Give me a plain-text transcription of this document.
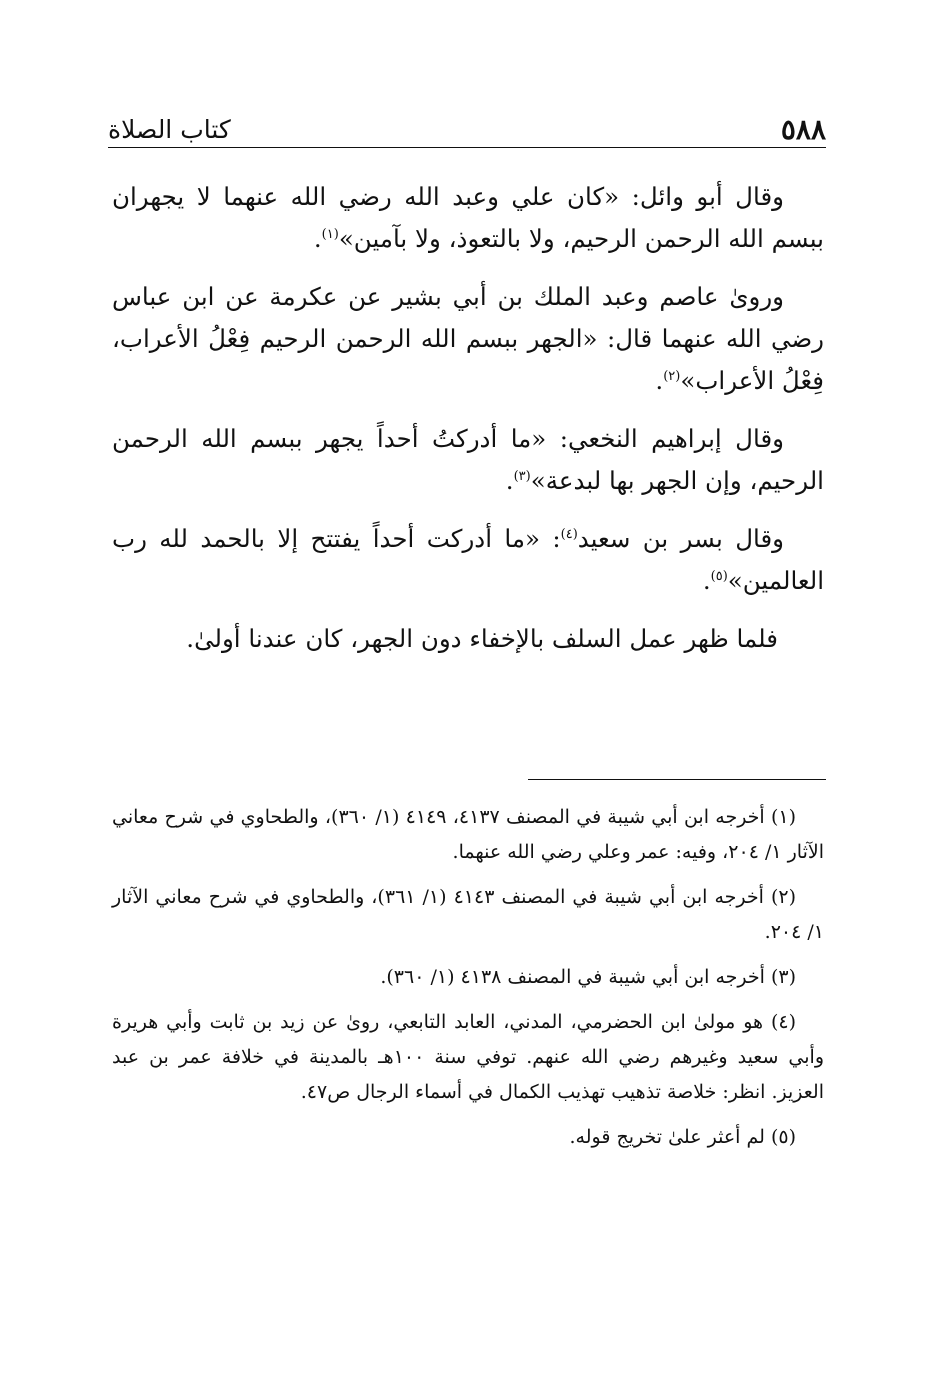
كتاب الصلاة	٥٨٨

وقال أبو وائل: «كان علي وعبد الله رضي الله عنهما لا يجهران ببسم الله الرحمن الرحيم، ولا بالتعوذ، ولا بآمين»$^{(١)}$.

ورویٰ عاصم وعبد الملك بن أبي بشير عن عكرمة عن ابن عباس رضي الله عنهما قال: «الجهر ببسم الله الرحمن الرحيم فِعْلُ الأعراب، فِعْلُ الأعراب»$^{(٢)}$.

وقال إبراهيم النخعي: «ما أدركتُ أحداً يجهر ببسم الله الرحمن الرحيم، وإن الجهر بها لبدعة»$^{(٣)}$.

وقال بسر بن سعيد$^{(٤)}$: «ما أدركت أحداً يفتتح إلا بالحمد لله رب العالمين»$^{(٥)}$.

فلما ظهر عمل السلف بالإخفاء دون الجهر، كان عندنا أولىٰ.

(١) أخرجه ابن أبي شيبة في المصنف ٤١٣٧، ٤١٤٩ (١/ ٣٦٠)، والطحاوي في شرح معاني الآثار ١/ ٢٠٤، وفيه: عمر وعلي رضي الله عنهما.

(٢) أخرجه ابن أبي شيبة في المصنف ٤١٤٣ (١/ ٣٦١)، والطحاوي في شرح معاني الآثار ١/ ٢٠٤.

(٣) أخرجه ابن أبي شيبة في المصنف ٤١٣٨ (١/ ٣٦٠).

(٤) هو مولىٰ ابن الحضرمي، المدني، العابد التابعي، روىٰ عن زيد بن ثابت وأبي هريرة وأبي سعيد وغيرهم رضي الله عنهم. توفي سنة ١٠٠هـ بالمدينة في خلافة عمر بن عبد العزيز. انظر: خلاصة تذهيب تهذيب الكمال في أسماء الرجال ص٤٧.

(٥) لم أعثر علىٰ تخريج قوله.
